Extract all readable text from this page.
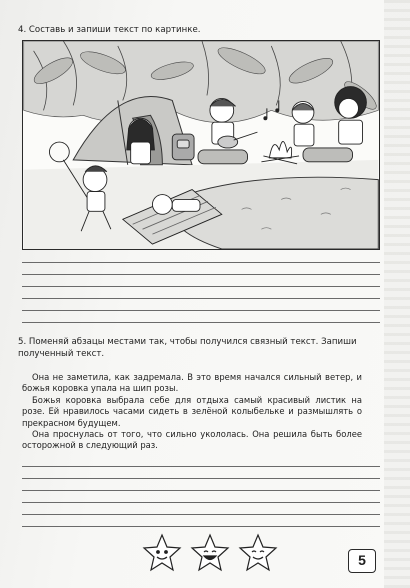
4. Составь и запиши текст по картинке.
5. Поменяй абзацы местами так, чтобы получился связный текст. Запиши полученный текст.

Она не заметила, как задремала. В это время начался сильный ветер, и божья коровка упала на шип розы.

Божья коровка выбрала себе для отдыха самый красивый листик на розе. Ей нравилось часами сидеть в зелёной колыбельке и размышлять о прекрасном будущем.

Она проснулась от того, что сильно укололась. Она решила быть более осторожной в следующий раз.

5
